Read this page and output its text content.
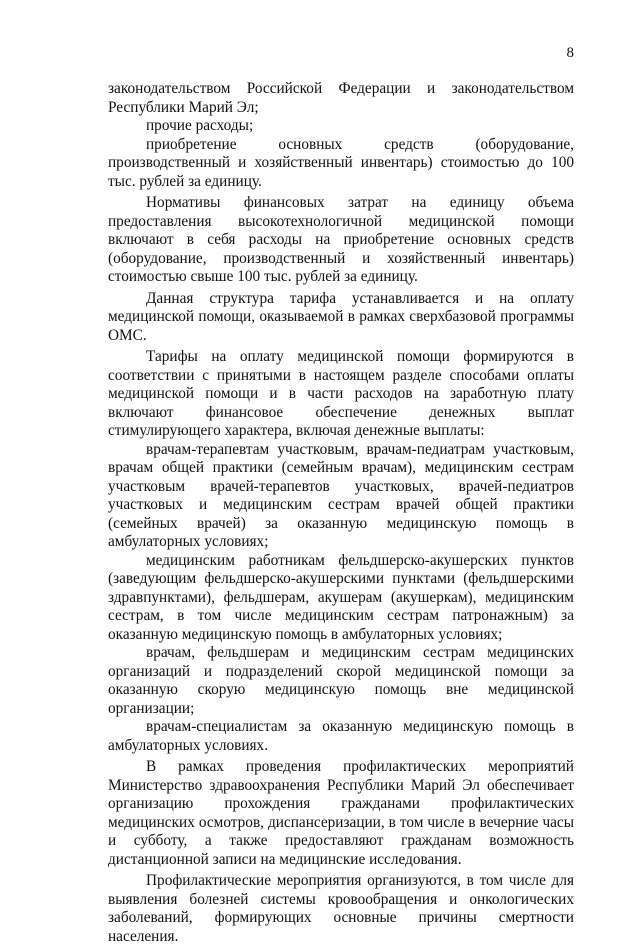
8

законодательством Российской Федерации и законодательством Республики Марий Эл;

прочие расходы;

приобретение основных средств (оборудование, производственный и хозяйственный инвентарь) стоимостью до 100 тыс. рублей за единицу.

Нормативы финансовых затрат на единицу объема предоставления высокотехнологичной медицинской помощи включают в себя расходы на приобретение основных средств (оборудование, производственный и хозяйственный инвентарь) стоимостью свыше 100 тыс. рублей за единицу.

Данная структура тарифа устанавливается и на оплату медицинской помощи, оказываемой в рамках сверхбазовой программы ОМС.

Тарифы на оплату медицинской помощи формируются в соответствии с принятыми в настоящем разделе способами оплаты медицинской помощи и в части расходов на заработную плату включают финансовое обеспечение денежных выплат стимулирующего характера, включая денежные выплаты:

врачам-терапевтам участковым, врачам-педиатрам участковым, врачам общей практики (семейным врачам), медицинским сестрам участковым врачей-терапевтов участковых, врачей-педиатров участковых и медицинским сестрам врачей общей практики (семейных врачей) за оказанную медицинскую помощь в амбулаторных условиях;

медицинским работникам фельдшерско-акушерских пунктов (заведующим фельдшерско-акушерскими пунктами (фельдшерскими здравпунктами), фельдшерам, акушерам (акушеркам), медицинским сестрам, в том числе медицинским сестрам патронажным) за оказанную медицинскую помощь в амбулаторных условиях;

врачам, фельдшерам и медицинским сестрам медицинских организаций и подразделений скорой медицинской помощи за оказанную скорую медицинскую помощь вне медицинской организации;

врачам-специалистам за оказанную медицинскую помощь в амбулаторных условиях.

В рамках проведения профилактических мероприятий Министерство здравоохранения Республики Марий Эл обеспечивает организацию прохождения гражданами профилактических медицинских осмотров, диспансеризации, в том числе в вечерние часы и субботу, а также предоставляют гражданам возможность дистанционной записи на медицинские исследования.

Профилактические мероприятия организуются, в том числе для выявления болезней системы кровообращения и онкологических заболеваний, формирующих основные причины смертности населения.
